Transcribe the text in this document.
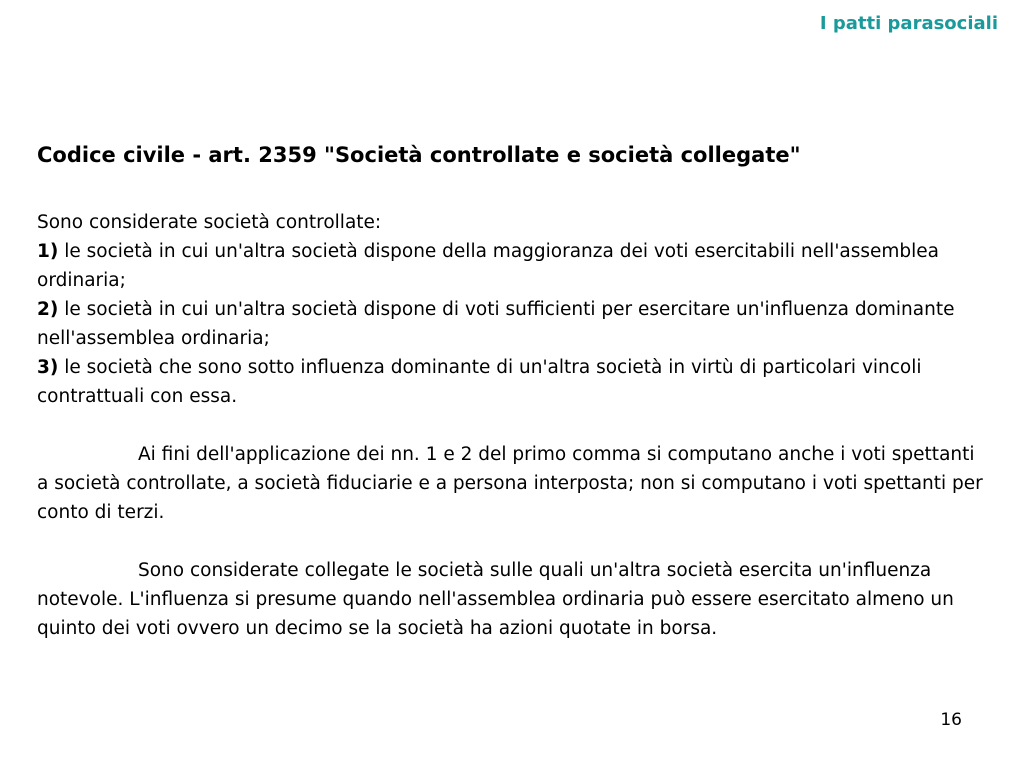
I patti parasociali
Codice civile - art. 2359 "Società controllate e società collegate"

Sono considerate società controllate:

1) le società in cui un'altra società dispone della maggioranza dei voti esercitabili nell'assemblea ordinaria;

2) le società in cui un'altra società dispone di voti sufficienti per esercitare un'influenza dominante nell'assemblea ordinaria;

3) le società che sono sotto influenza dominante di un'altra società in virtù di particolari vincoli contrattuali con essa.

Ai fini dell'applicazione dei nn. 1 e 2 del primo comma si computano anche i voti spettanti a società controllate, a società fiduciarie e a persona interposta; non si computano i voti spettanti per conto di terzi.

Sono considerate collegate le società sulle quali un'altra società esercita un'influenza notevole. L'influenza si presume quando nell'assemblea ordinaria può essere esercitato almeno un quinto dei voti ovvero un decimo se la società ha azioni quotate in borsa.

16
